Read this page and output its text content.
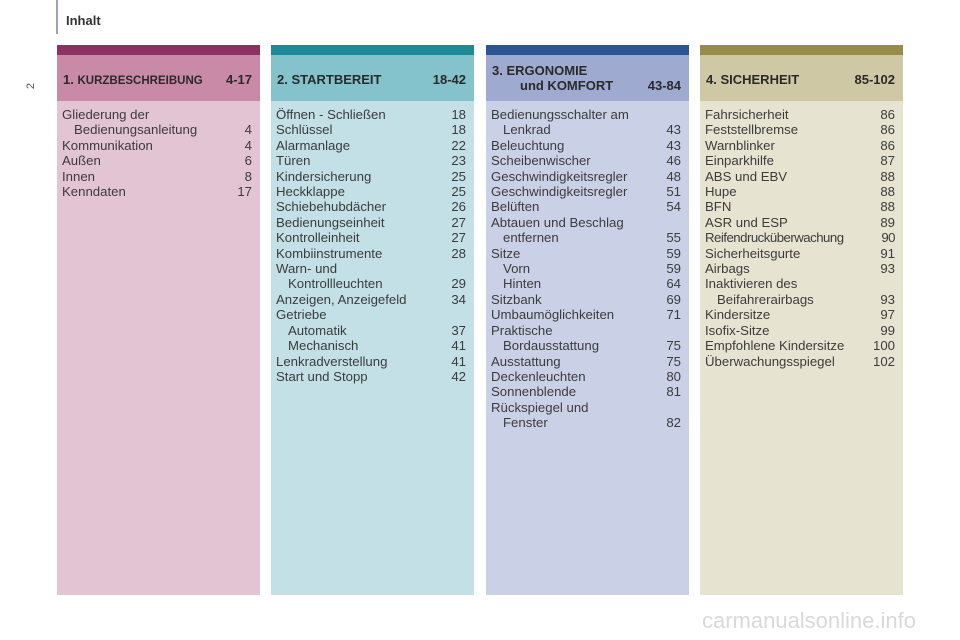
Inhalt
2 1. KURZBESCHREIBUNG 4-17
Gliederung der
Bedienungsanleitung	4
Kommunikation	4
Außen	6
Innen	8
Kenndaten	17
2. STARTBEREIT	18-42
Öffnen - Schließen	18
Schlüssel	18
Alarmanlage	22
Türen	23
Kindersicherung	25
Heckklappe	25
Schiebehubdächer	26
Bedienungseinheit	27
Kontrolleinheit	27
Kombiinstrumente	28
Warn- und
Kontrollleuchten	29
Anzeigen, Anzeigefeld	34
Getriebe
Automatik	37
Mechanisch	41
Lenkradverstellung	41
Start und Stopp	42
3. ERGONOMIE
und KOMFORT	43-84
Bedienungsschalter am
Lenkrad	43
Beleuchtung	43
Scheibenwischer	46
Geschwindigkeitsregler	48
Geschwindigkeitsregler	51
Belüften	54
Abtauen und Beschlag
entfernen	55
Sitze	59
Vorn	59
Hinten	64
Sitzbank	69
Umbaumöglichkeiten	71
Praktische
Bordausstattung	75
Ausstattung	75
Deckenleuchten	80
Sonnenblende	81
Rückspiegel und
Fenster	82
4. SICHERHEIT	85-102
Fahrsicherheit	86
Feststellbremse	86
Warnblinker	86
Einparkhilfe	87
ABS und EBV	88
Hupe	88
BFN	88
ASR und ESP	89
Reifendrucküberwachung	90
Sicherheitsgurte	91
Airbags	93
Inaktivieren des
Beifahrerairbags	93
Kindersitze	97
Isofix-Sitze	99
Empfohlene Kindersitze	100
Überwachungsspiegel	102
carmanualsonline.info
